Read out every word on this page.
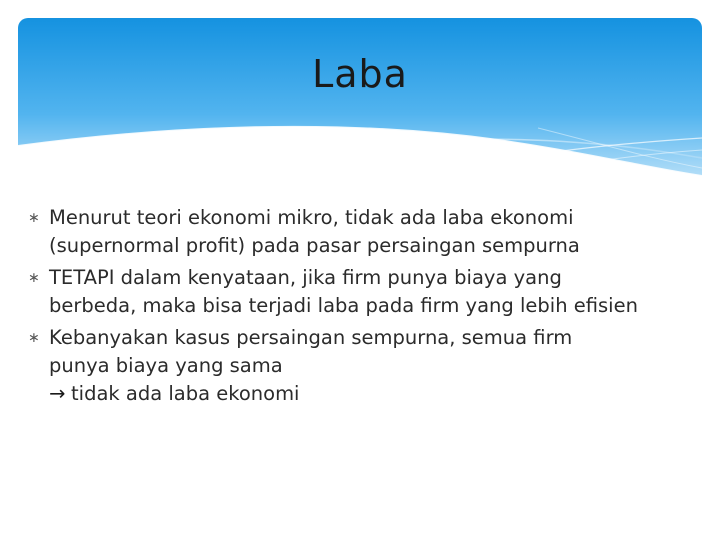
Laba
∗ Menurut teori ekonomi mikro, tidak ada laba ekonomi
(supernormal profit) pada pasar persaingan sempurna
∗ TETAPI dalam kenyataan, jika firm punya biaya yang
berbeda, maka bisa terjadi laba pada firm yang lebih efisien
∗ Kebanyakan kasus persaingan sempurna, semua firm
punya biaya yang sama
→ tidak ada laba ekonomi
